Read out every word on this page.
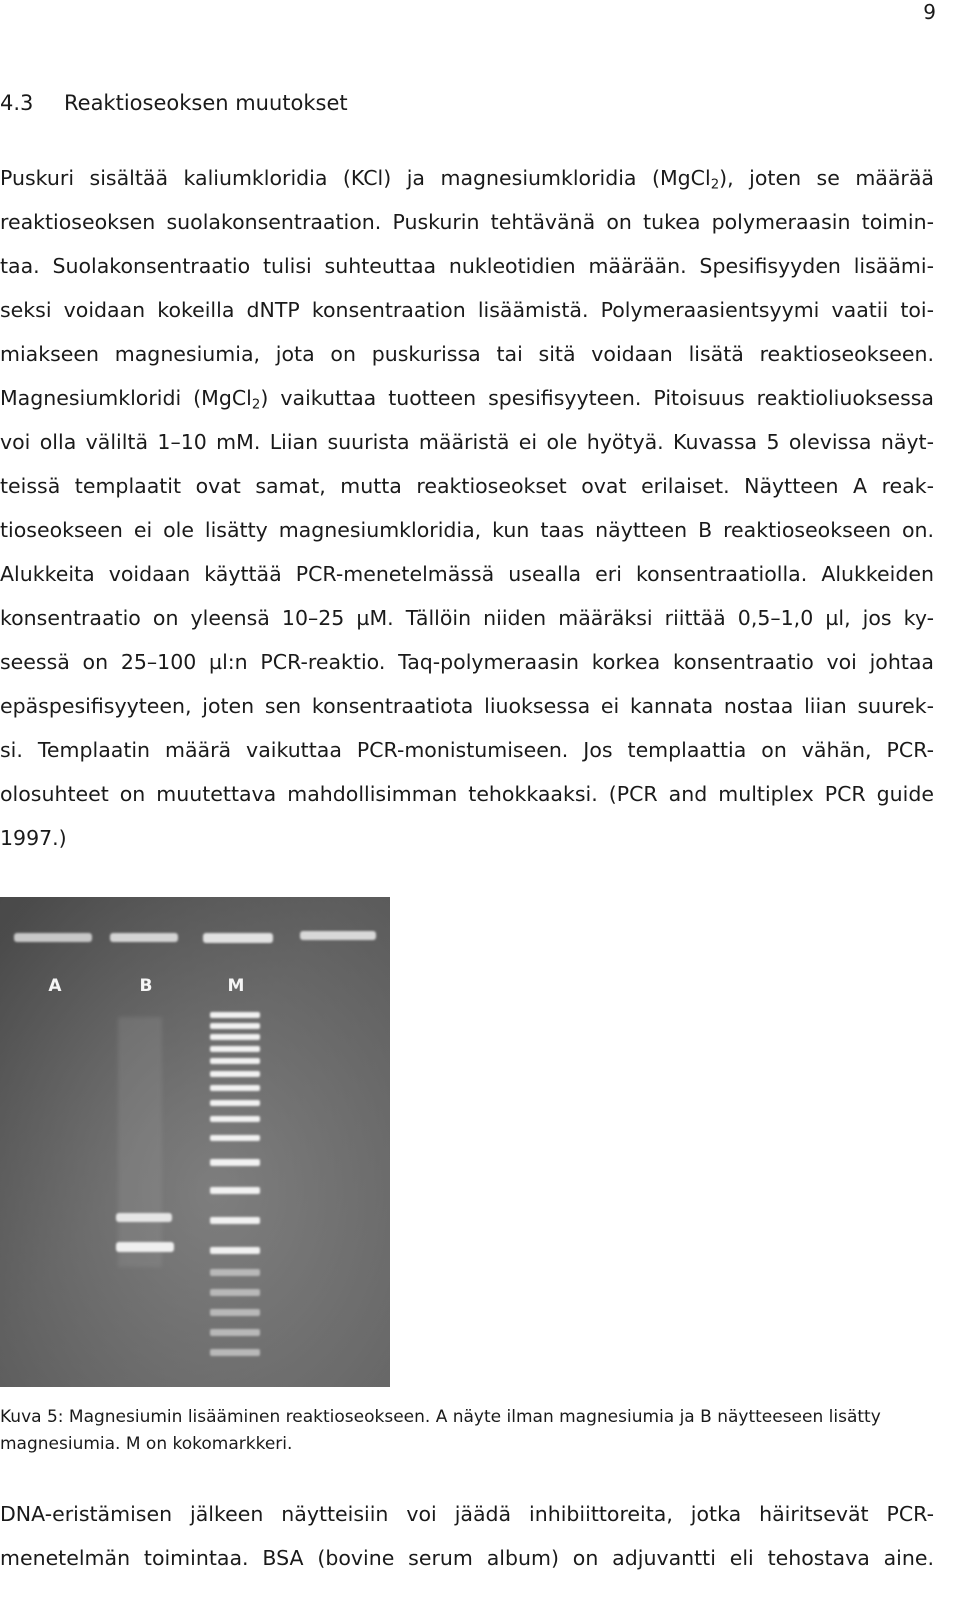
9
4.3 Reaktioseoksen muutokset
Puskuri sisältää kaliumkloridia (KCl) ja magnesiumkloridia (MgCl$_2$), joten se määrää
reaktioseoksen suolakonsentraation. Puskurin tehtävänä on tukea polymeraasin toimin-
taa. Suolakonsentraatio tulisi suhteuttaa nukleotidien määrään. Spesifisyyden lisäämi-
seksi voidaan kokeilla dNTP konsentraation lisäämistä. Polymeraasientsyymi vaatii toi-
miakseen magnesiumia, jota on puskurissa tai sitä voidaan lisätä reaktioseokseen.
Magnesiumkloridi (MgCl$_2$) vaikuttaa tuotteen spesifisyyteen. Pitoisuus reaktioliuoksessa
voi olla väliltä 1–10 mM. Liian suurista määristä ei ole hyötyä. Kuvassa 5 olevissa näyt-
teissä templaatit ovat samat, mutta reaktioseokset ovat erilaiset. Näytteen A reak-
tioseokseen ei ole lisätty magnesiumkloridia, kun taas näytteen B reaktioseokseen on.
Alukkeita voidaan käyttää PCR-menetelmässä usealla eri konsentraatiolla. Alukkeiden
konsentraatio on yleensä 10–25 µM. Tällöin niiden määräksi riittää 0,5–1,0 µl, jos ky-
seessä on 25–100 µl:n PCR-reaktio. Taq-polymeraasin korkea konsentraatio voi johtaa
epäspesifisyyteen, joten sen konsentraatiota liuoksessa ei kannata nostaa liian suurek-
si. Templaatin määrä vaikuttaa PCR-monistumiseen. Jos templaattia on vähän, PCR-
olosuhteet on muutettava mahdollisimman tehokkaaksi. (PCR and multiplex PCR guide
1997.)
A	B	M

Kuva 5: Magnesiumin lisääminen reaktioseokseen. A näyte ilman magnesiumia ja B näytteeseen lisätty magnesiumia. M on kokomarkkeri.

DNA-eristämisen jälkeen näytteisiin voi jäädä inhibiittoreita, jotka häiritsevät PCR-
menetelmän toimintaa. BSA (bovine serum album) on adjuvantti eli tehostava aine.
